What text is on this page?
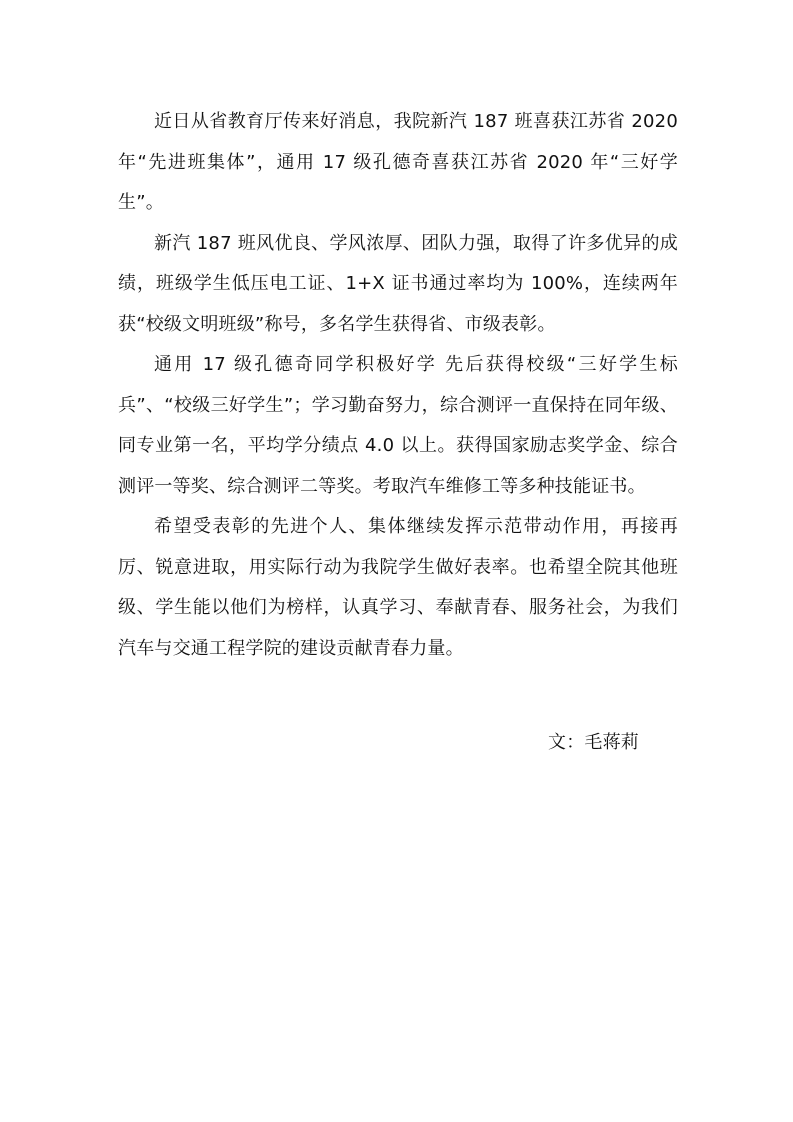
近日从省教育厅传来好消息，我院新汽 187 班喜获江苏省 2020 年“先进班集体”，通用 17 级孔德奇喜获江苏省 2020 年“三好学生”。

新汽 187 班风优良、学风浓厚、团队力强，取得了许多优异的成绩，班级学生低压电工证、1+X 证书通过率均为 100%，连续两年获“校级文明班级”称号，多名学生获得省、市级表彰。

通用 17 级孔德奇同学积极好学 先后获得校级“三好学生标兵”、“校级三好学生”；学习勤奋努力，综合测评一直保持在同年级、同专业第一名，平均学分绩点 4.0 以上。获得国家励志奖学金、综合测评一等奖、综合测评二等奖。考取汽车维修工等多种技能证书。

希望受表彰的先进个人、集体继续发挥示范带动作用，再接再厉、锐意进取，用实际行动为我院学生做好表率。也希望全院其他班级、学生能以他们为榜样，认真学习、奉献青春、服务社会，为我们汽车与交通工程学院的建设贡献青春力量。

文：毛蒋莉
